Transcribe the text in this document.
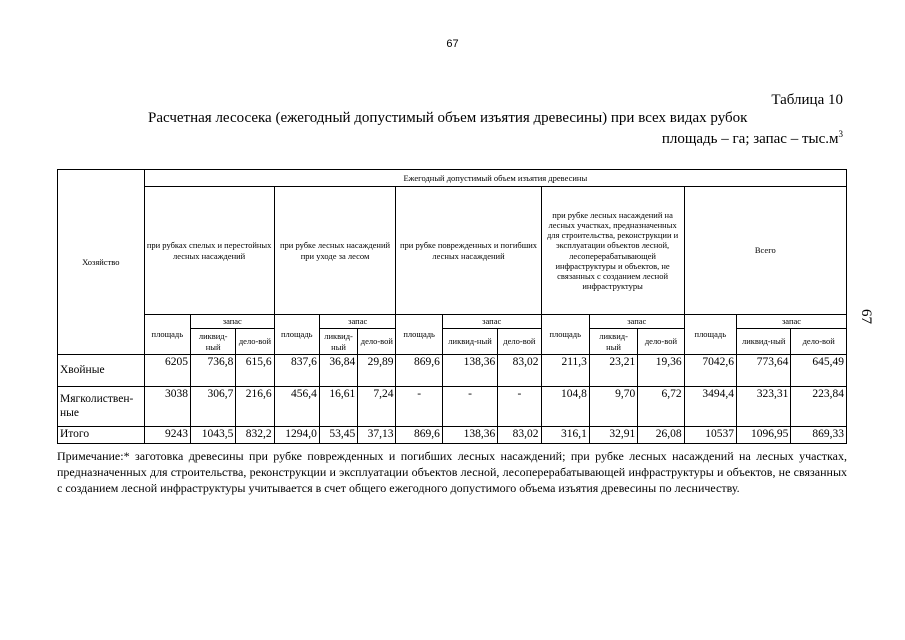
67
67
Таблица 10
Расчетная лесосека (ежегодный допустимый объем изъятия древесины) при всех видах рубок
площадь – га; запас – $тыс.м^3$
Хозяйство	Ежегодный допустимый объем изъятия древесины														
	при рубках спелых и перестойных лесных насаждений			при рубке лесных насаждений при уходе за лесом			при рубке поврежденных и погибших лесных насаждений			при рубке лесных насаждений на лесных участках, предназначенных для строительства, реконструкции и эксплуатации объектов лесной, лесоперерабатывающей инфраструктуры и объектов, не связанных с созданием лесной инфраструктуры			Всего		
	площадь	запас		площадь	запас		площадь	запас		площадь	запас		площадь	запас	
		ликвид-ный	дело-вой		ликвид-ный	дело-вой		ликвид-ный	дело-вой		ликвид-ный	дело-вой		ликвид-ный	дело-вой
Хвойные	6205	736,8	615,6	837,6	36,84	29,89	869,6	138,36	83,02	211,3	23,21	19,36	7042,6	773,64	645,49
Мягколиствен-ные	3038	306,7	216,6	456,4	16,61	7,24	-	-	-	104,8	9,70	6,72	3494,4	323,31	223,84
Итого	9243	1043,5	832,2	1294,0	53,45	37,13	869,6	138,36	83,02	316,1	32,91	26,08	10537	1096,95	869,33
Примечание:* заготовка древесины при рубке поврежденных и погибших лесных насаждений; при рубке лесных насаждений на лесных участках, предназначенных для строительства, реконструкции и эксплуатации объектов лесной, лесоперерабатывающей инфраструктуры и объектов, не связанных с созданием лесной инфраструктуры учитывается в счет общего ежегодного допустимого объема изъятия древесины по лесничеству.
